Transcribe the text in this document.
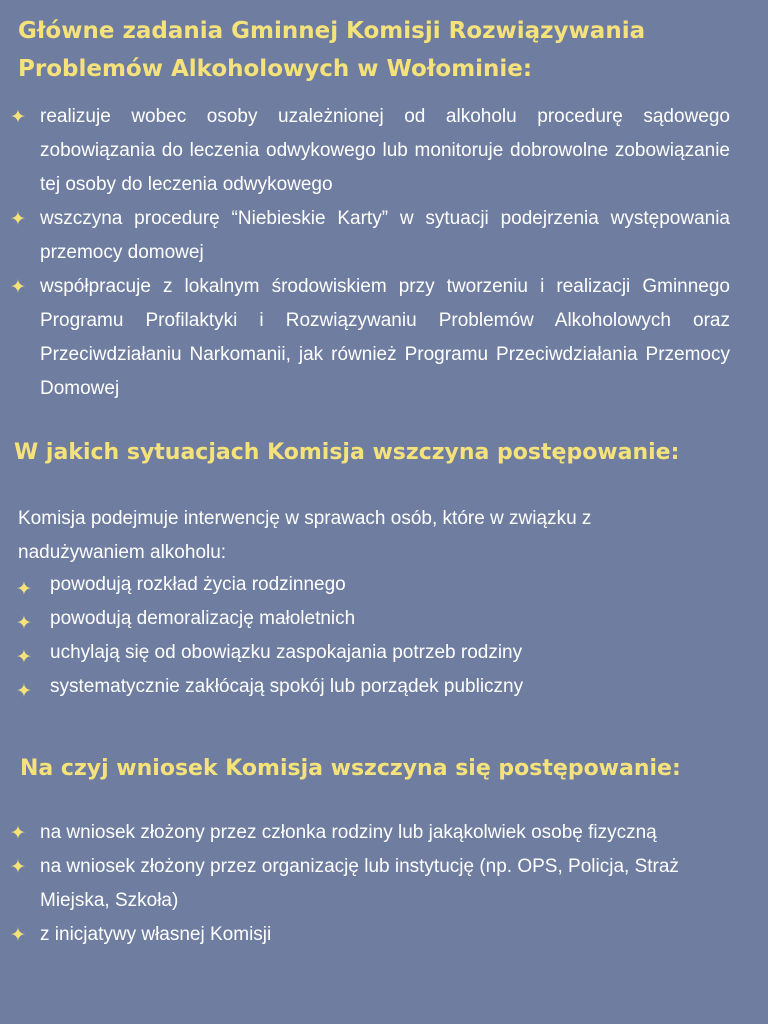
Główne zadania Gminnej Komisji Rozwiązywania Problemów Alkoholowych w Wołominie:
✦ realizuje wobec osoby uzależnionej od alkoholu procedurę sądowego zobowiązania do leczenia odwykowego lub monitoruje dobrowolne zobowiązanie tej osoby do leczenia odwykowego
✦ wszczyna procedurę “Niebieskie Karty” w sytuacji podejrzenia występowania przemocy domowej
✦ współpracuje z lokalnym środowiskiem przy tworzeniu i realizacji Gminnego Programu Profilaktyki i Rozwiązywaniu Problemów Alkoholowych oraz Przeciwdziałaniu Narkomanii, jak również Programu Przeciwdziałania Przemocy Domowej
W jakich sytuacjach Komisja wszczyna postępowanie:

Komisja podejmuje interwencję w sprawach osób, które w związku z nadużywaniem alkoholu:

✦ powodują rozkład życia rodzinnego
✦ powodują demoralizację małoletnich
✦ uchylają się od obowiązku zaspokajania potrzeb rodziny
✦ systematycznie zakłócają spokój lub porządek publiczny
Na czyj wniosek Komisja wszczyna się postępowanie:
✦ na wniosek złożony przez członka rodziny lub jakąkolwiek osobę fizyczną
✦ na wniosek złożony przez organizację lub instytucję (np. OPS, Policja, Straż Miejska, Szkoła)
✦ z inicjatywy własnej Komisji
